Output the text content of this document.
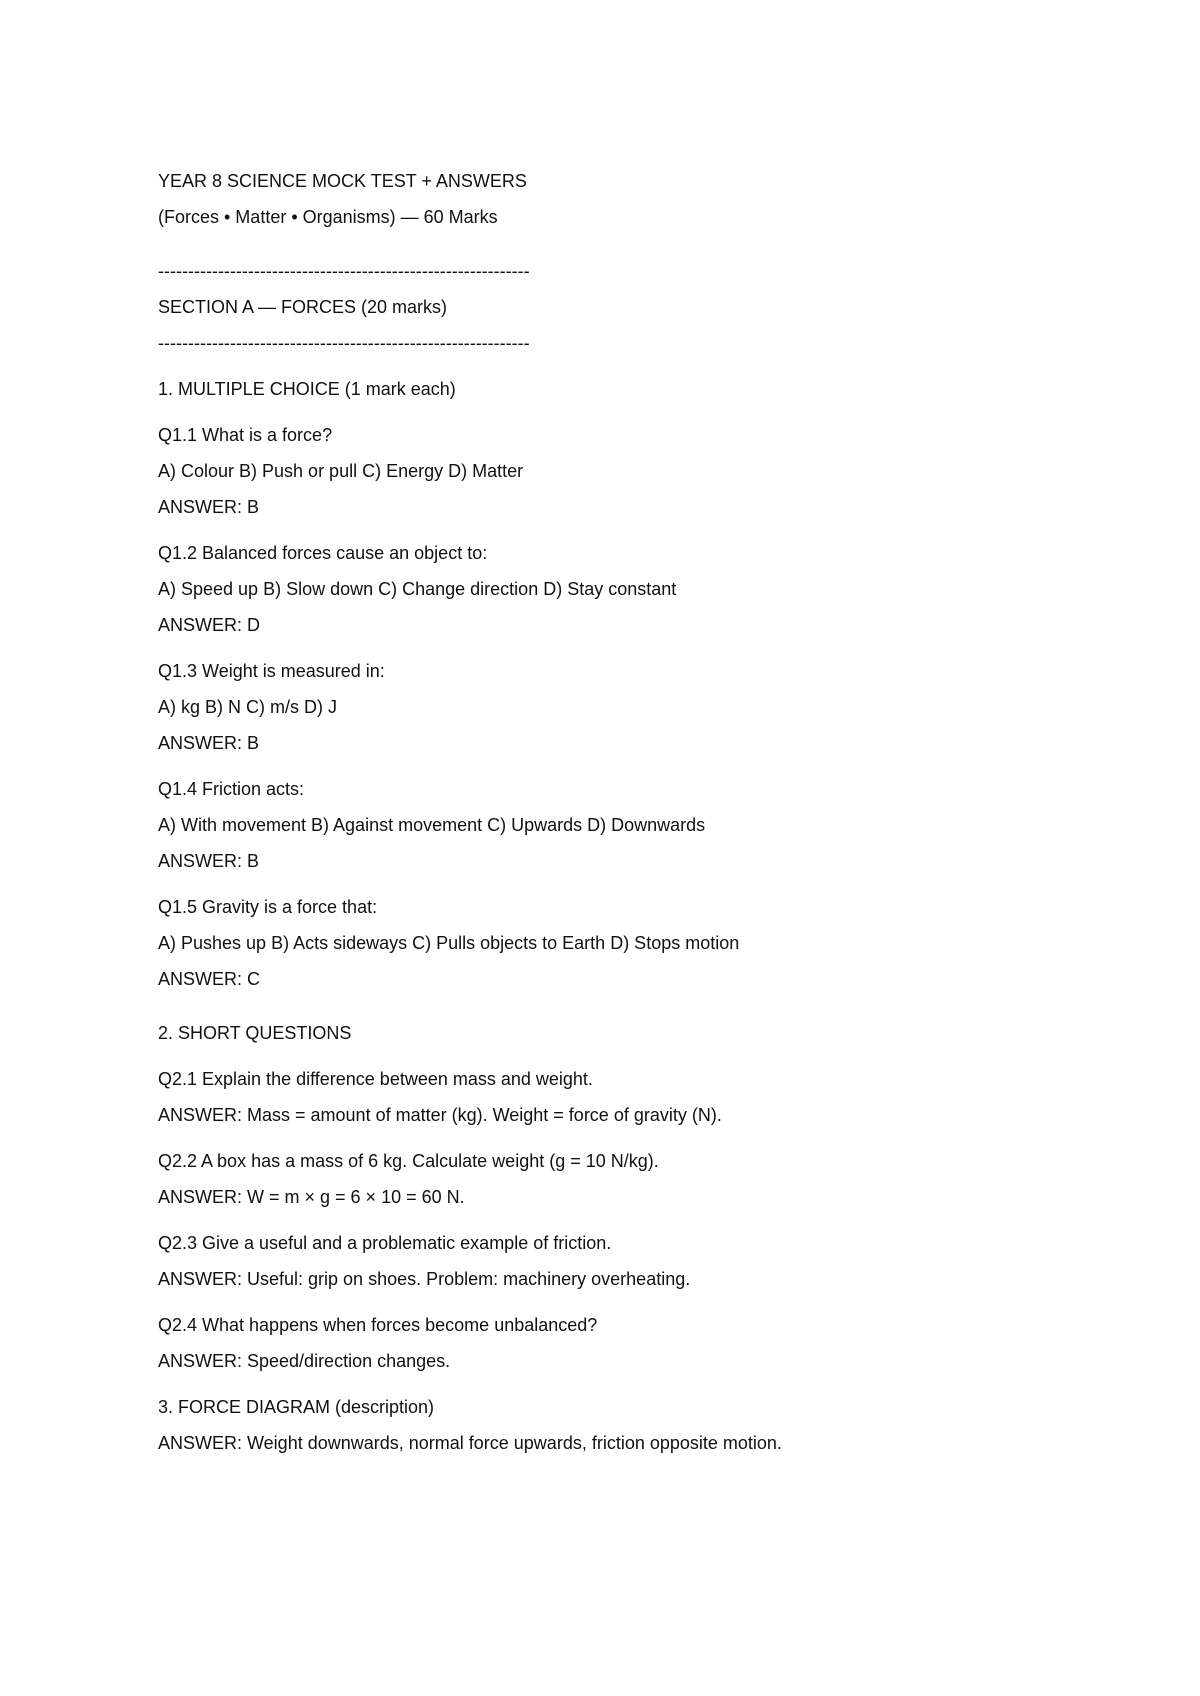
YEAR 8 SCIENCE MOCK TEST + ANSWERS
(Forces • Matter • Organisms) — 60 Marks
--------------------------------------------------------------
SECTION A — FORCES (20 marks)
--------------------------------------------------------------
1. MULTIPLE CHOICE (1 mark each)
Q1.1 What is a force?
A) Colour B) Push or pull C) Energy D) Matter
ANSWER: B
Q1.2 Balanced forces cause an object to:
A) Speed up B) Slow down C) Change direction D) Stay constant
ANSWER: D
Q1.3 Weight is measured in:
A) kg B) N C) m/s D) J
ANSWER: B
Q1.4 Friction acts:
A) With movement B) Against movement C) Upwards D) Downwards
ANSWER: B
Q1.5 Gravity is a force that:
A) Pushes up B) Acts sideways C) Pulls objects to Earth D) Stops motion
ANSWER: C
2. SHORT QUESTIONS
Q2.1 Explain the difference between mass and weight.
ANSWER: Mass = amount of matter (kg). Weight = force of gravity (N).
Q2.2 A box has a mass of 6 kg. Calculate weight (g = 10 N/kg).
ANSWER: W = m × g = 6 × 10 = 60 N.
Q2.3 Give a useful and a problematic example of friction.
ANSWER: Useful: grip on shoes. Problem: machinery overheating.
Q2.4 What happens when forces become unbalanced?
ANSWER: Speed/direction changes.
3. FORCE DIAGRAM (description)
ANSWER: Weight downwards, normal force upwards, friction opposite motion.
